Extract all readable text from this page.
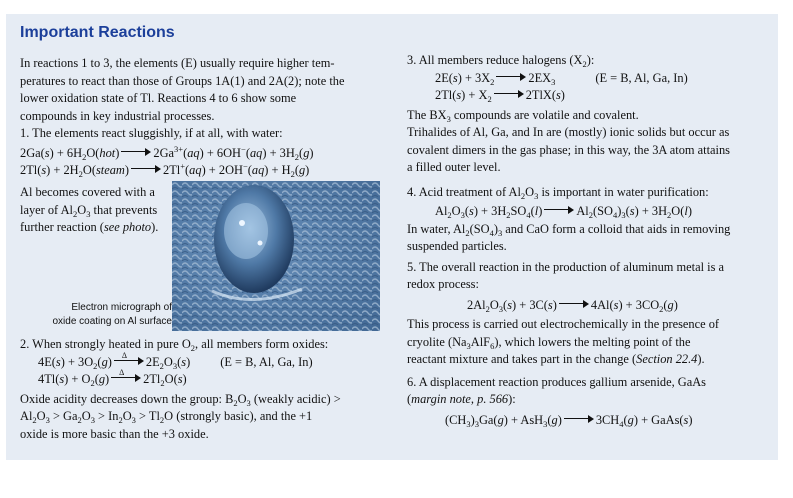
Important Reactions

In reactions 1 to 3, the elements (E) usually require higher tem-

peratures to react than those of Groups 1A(1) and 2A(2); note the

lower oxidation state of Tl. Reactions 4 to 6 show some

compounds in key industrial processes.

1. The elements react sluggishly, if at all, with water:

$2Ga(s) + 6H_2O(hot)$	$2Ga^{3+}(aq) + 6OH^-(aq) + 3H_2(g)$

$2Tl(s) + 2H_2O(steam)$	$2Tl^+(aq) + 2OH^-(aq) + H_2(g)$

Al becomes covered with a

layer of $Al_2O_3$ that prevents

further reaction (see photo).

Electron micrograph of
oxide coating on Al surface

2. When strongly heated in pure $O_2$, all members form oxides:

$4E(s) + 3O_2(g)$ Δ $2E_2O_3(s) (E = B$, Al, Ga, In)

$4Tl(s) + O_2(g)$ Δ $2Tl_2O(s)$

Oxide acidity decreases down the group: $B_2O_3$ (weakly acidic) >

$Al_2O_3 > Ga_2O_3 > In_2O_3 > Tl_2O$ (strongly basic), and the +1

oxide is more basic than the +3 oxide.

3. All members reduce halogens $(X_2)$:

$2E(s) + 3X_2$	$2EX_3$	(E = B, Al, Ga, In)

$2Tl(s) + X_2$	2TlX(s)

The $BX_3$ compounds are volatile and covalent.

Trihalides of Al, Ga, and In are (mostly) ionic solids but occur as

covalent dimers in the gas phase; in this way, the 3A atom attains

a filled outer level.

4. Acid treatment of $Al_2O_3$ is important in water purification:

$Al_2O_3(s) + 3H_2SO_4(l)$	$Al_2(SO_4)_3(s) + 3H_2O(l)$

In water, $Al_2(SO_4)_3$ and CaO form a colloid that aids in removing

suspended particles.

5. The overall reaction in the production of aluminum metal is a

redox process:

$2Al_2O_3(s) + 3C(s)$	$4Al(s) + 3CO_2(g)$

This process is carried out electrochemically in the presence of

cryolite $(Na_3AlF_6)$, which lowers the melting point of the

reactant mixture and takes part in the change (Section 22.4).

6. A displacement reaction produces gallium arsenide, GaAs

(margin note, p. 566):

$(CH_3)_3Ga(g) + AsH_3(g)$	$3CH_4(g)$ + GaAs(s)
